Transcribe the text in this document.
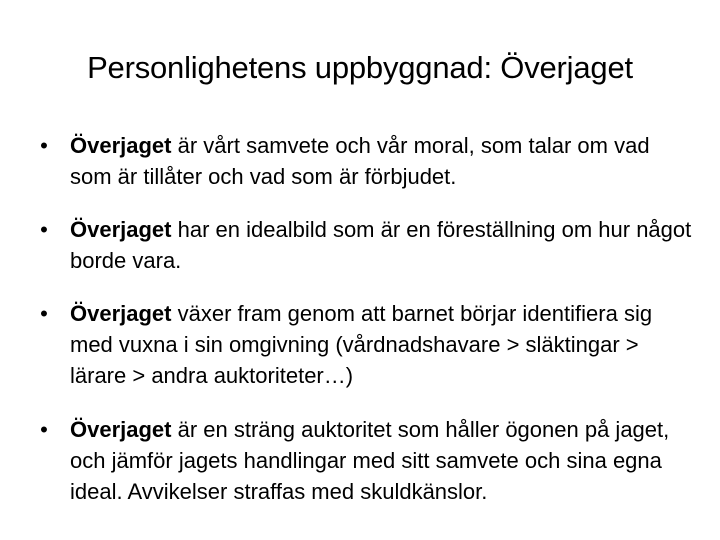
Personlighetens uppbyggnad: Överjaget
• Överjaget är vårt samvete och vår moral, som talar om vad som är tillåter och vad som är förbjudet.
• Överjaget har en idealbild som är en föreställning om hur något borde vara.
• Överjaget växer fram genom att barnet börjar identifiera sig med vuxna i sin omgivning (vårdnadshavare > släktingar > lärare > andra auktoriteter…)
• Överjaget är en sträng auktoritet som håller ögonen på jaget, och jämför jagets handlingar med sitt samvete och sina egna ideal. Avvikelser straffas med skuldkänslor.
